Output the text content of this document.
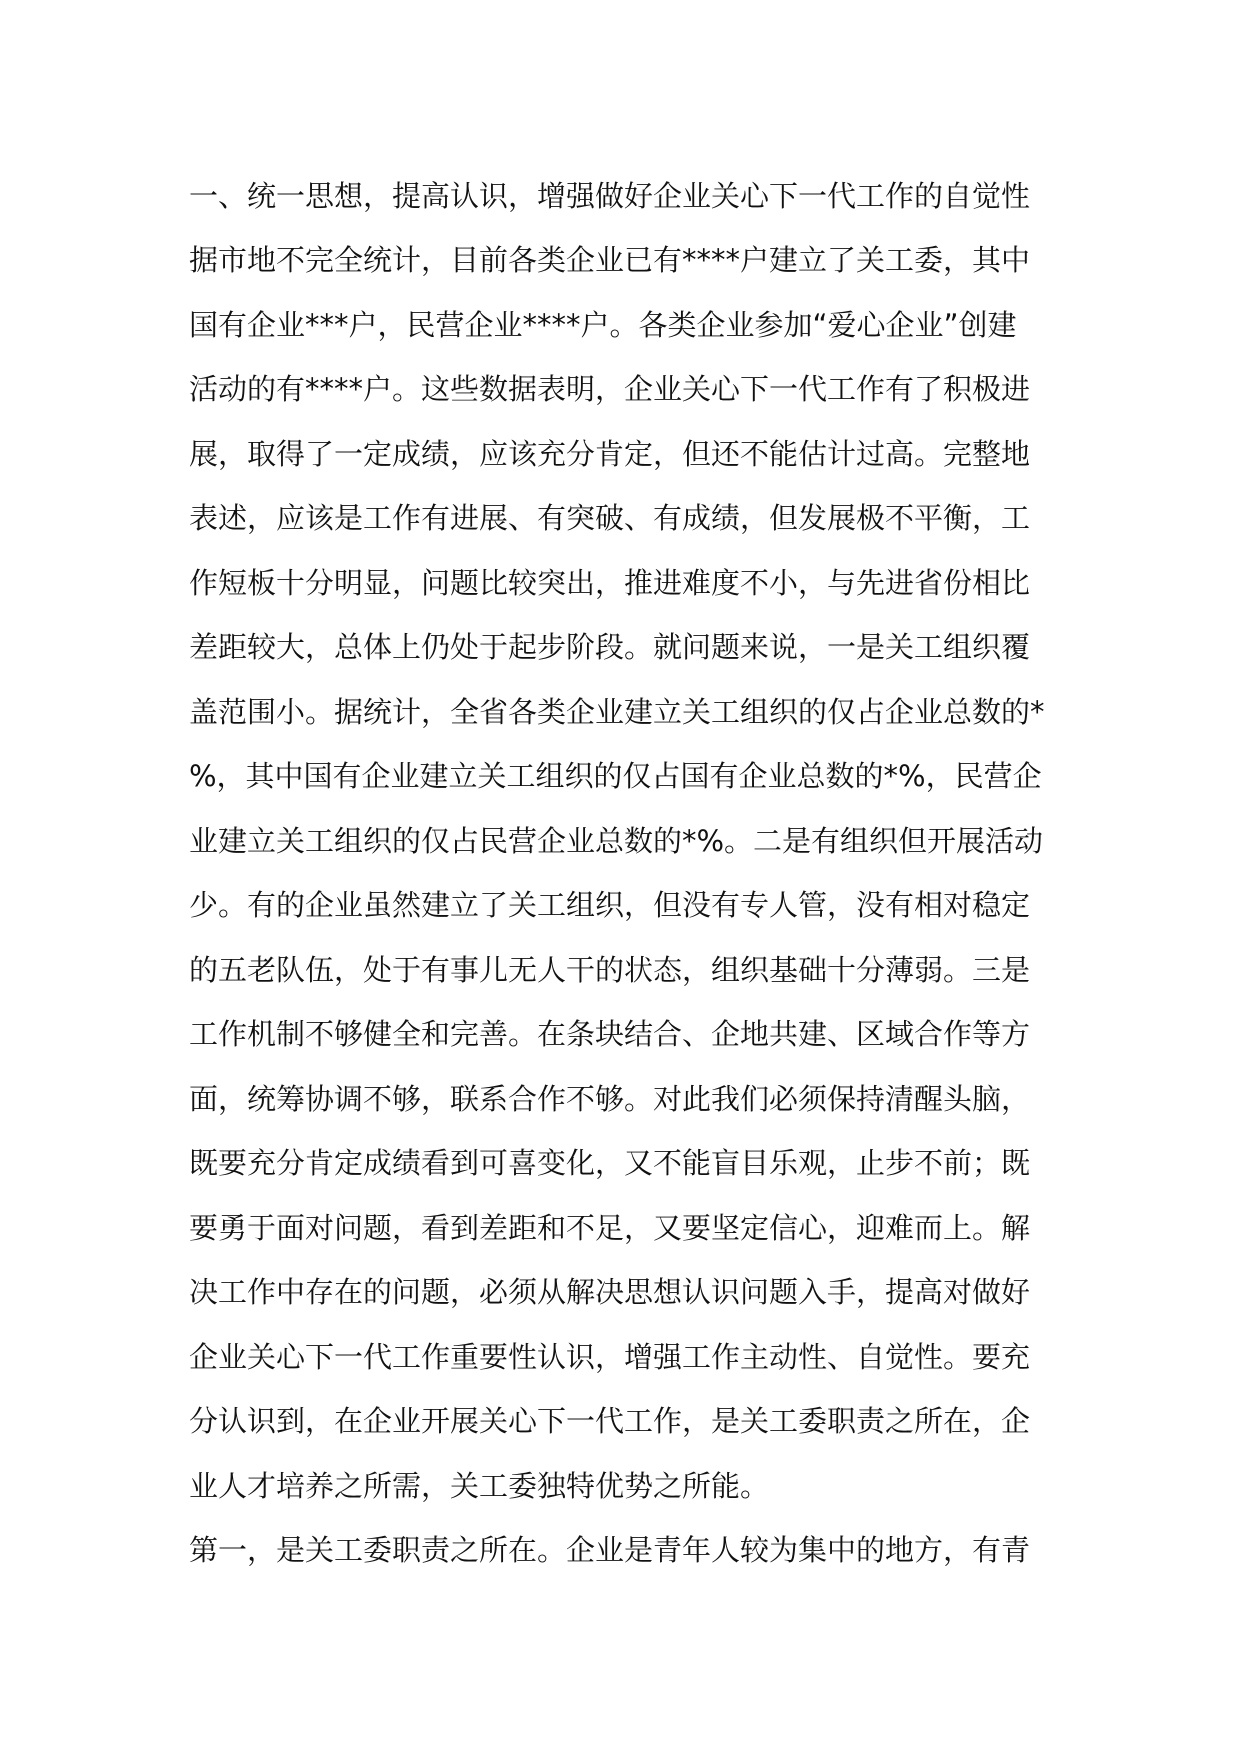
一、统一思想，提高认识，增强做好企业关心下一代工作的自觉性
据市地不完全统计，目前各类企业已有****户建立了关工委，其中
国有企业***户，民营企业****户。各类企业参加“爱心企业”创建
活动的有****户。这些数据表明，企业关心下一代工作有了积极进
展，取得了一定成绩，应该充分肯定，但还不能估计过高。完整地
表述，应该是工作有进展、有突破、有成绩，但发展极不平衡，工
作短板十分明显，问题比较突出，推进难度不小，与先进省份相比
差距较大，总体上仍处于起步阶段。就问题来说，一是关工组织覆
盖范围小。据统计，全省各类企业建立关工组织的仅占企业总数的*
%，其中国有企业建立关工组织的仅占国有企业总数的*%，民营企
业建立关工组织的仅占民营企业总数的*%。二是有组织但开展活动
少。有的企业虽然建立了关工组织，但没有专人管，没有相对稳定
的五老队伍，处于有事儿无人干的状态，组织基础十分薄弱。三是
工作机制不够健全和完善。在条块结合、企地共建、区域合作等方
面，统筹协调不够，联系合作不够。对此我们必须保持清醒头脑，
既要充分肯定成绩看到可喜变化，又不能盲目乐观，止步不前；既
要勇于面对问题，看到差距和不足，又要坚定信心，迎难而上。解
决工作中存在的问题，必须从解决思想认识问题入手，提高对做好
企业关心下一代工作重要性认识，增强工作主动性、自觉性。要充
分认识到，在企业开展关心下一代工作，是关工委职责之所在，企
业人才培养之所需，关工委独特优势之所能。
第一，是关工委职责之所在。企业是青年人较为集中的地方，有青
